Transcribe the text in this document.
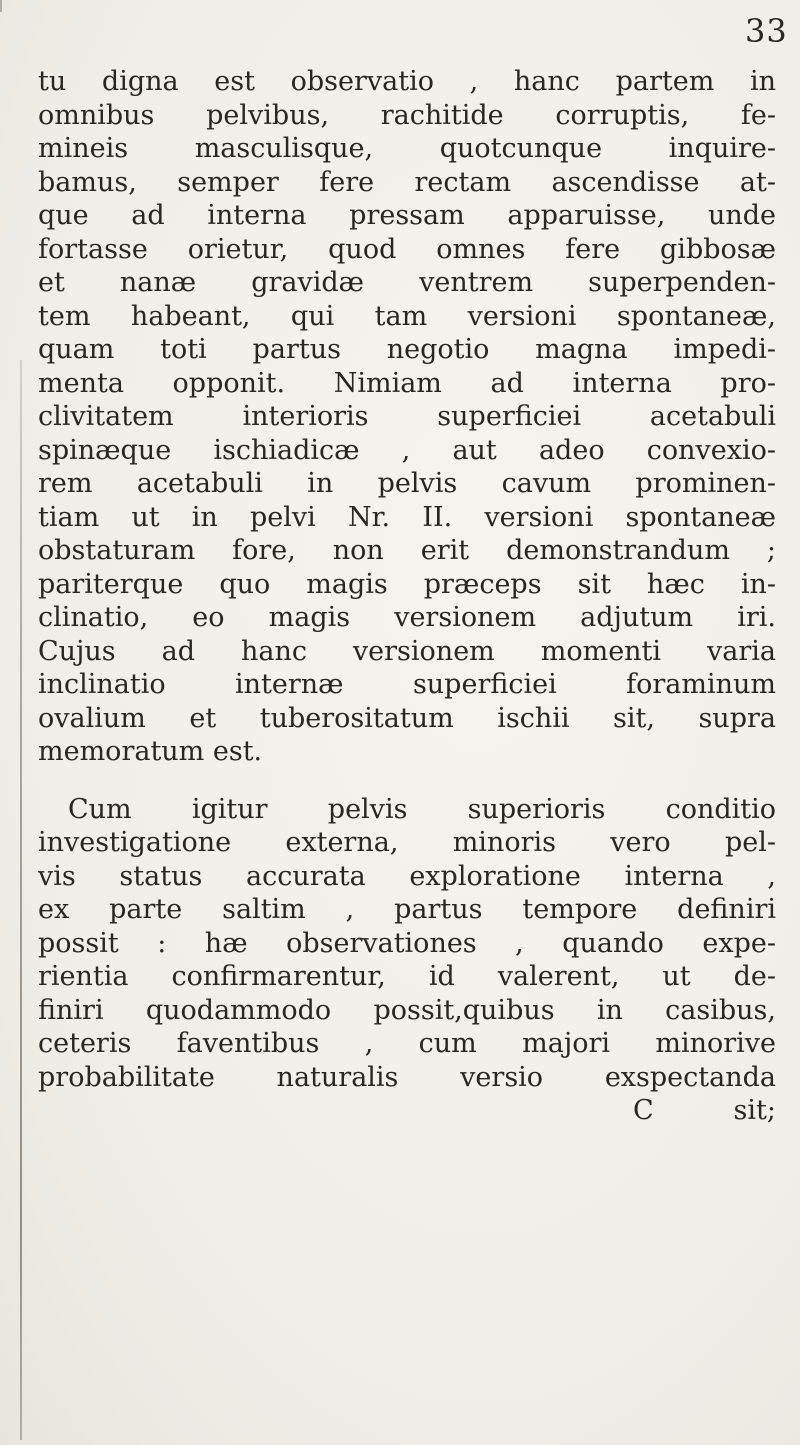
33
tu digna est observatio , hanc partem in
omnibus pelvibus, rachitide corruptis, fe-
mineis masculisque, quotcunque inquire-
bamus, semper fere rectam ascendisse at-
que ad interna pressam apparuisse, unde
fortasse orietur, quod omnes fere gibbosæ
et nanæ gravidæ ventrem superpenden-
tem habeant, qui tam versioni spontaneæ,
quam toti partus negotio magna impedi-
menta opponit. Nimiam ad interna pro-
clivitatem interioris superficiei acetabuli
spinæque ischiadicæ , aut adeo convexio-
rem acetabuli in pelvis cavum prominen-
tiam ut in pelvi Nr. II. versioni spontaneæ
obstaturam fore, non erit demonstrandum ;
pariterque quo magis præceps sit hæc in-
clinatio, eo magis versionem adjutum iri.
Cujus ad hanc versionem momenti varia
inclinatio internæ superficiei foraminum
ovalium et tuberositatum ischii sit, supra
memoratum est.
Cum igitur pelvis superioris conditio
investigatione externa, minoris vero pel-
vis status accurata exploratione interna ,
ex parte saltim , partus tempore definiri
possit : hæ observationes , quando expe-
rientia confirmarentur, id valerent, ut de-
finiri quodammodo possit,quibus in casibus,
ceteris faventibus , cum majori minorive
probabilitate naturalis versio exspectanda
C	sit;
